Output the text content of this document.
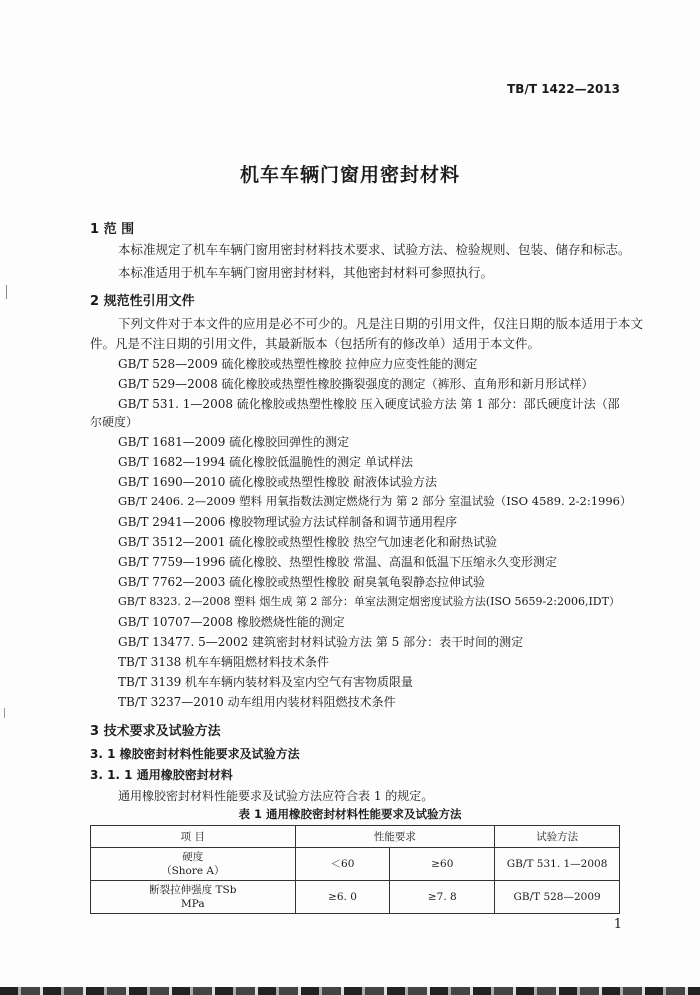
TB/T 1422—2013
机车车辆门窗用密封材料
1 范 围
本标准规定了机车车辆门窗用密封材料技术要求、试验方法、检验规则、包装、储存和标志。
本标准适用于机车车辆门窗用密封材料，其他密封材料可参照执行。
2 规范性引用文件
下列文件对于本文件的应用是必不可少的。凡是注日期的引用文件，仅注日期的版本适用于本文
件。凡是不注日期的引用文件，其最新版本（包括所有的修改单）适用于本文件。
GB/T 528—2009 硫化橡胶或热塑性橡胶 拉伸应力应变性能的测定
GB/T 529—2008 硫化橡胶或热塑性橡胶撕裂强度的测定（裤形、直角形和新月形试样）
GB/T 531. 1—2008 硫化橡胶或热塑性橡胶 压入硬度试验方法 第 1 部分：邵氏硬度计法（邵
尔硬度）
GB/T 1681—2009 硫化橡胶回弹性的测定
GB/T 1682—1994 硫化橡胶低温脆性的测定 单试样法
GB/T 1690—2010 硫化橡胶或热塑性橡胶 耐液体试验方法
GB/T 2406. 2—2009 塑料 用氧指数法测定燃烧行为 第 2 部分 室温试验（ISO 4589. 2-2:1996）
GB/T 2941—2006 橡胶物理试验方法试样制备和调节通用程序
GB/T 3512—2001 硫化橡胶或热塑性橡胶 热空气加速老化和耐热试验
GB/T 7759—1996 硫化橡胶、热塑性橡胶 常温、高温和低温下压缩永久变形测定
GB/T 7762—2003 硫化橡胶或热塑性橡胶 耐臭氧龟裂静态拉伸试验
GB/T 8323. 2—2008 塑料 烟生成 第 2 部分：单室法测定烟密度试验方法(ISO 5659-2:2006,IDT）
GB/T 10707—2008 橡胶燃烧性能的测定
GB/T 13477. 5—2002 建筑密封材料试验方法 第 5 部分：表干时间的测定
TB/T 3138 机车车辆阻燃材料技术条件
TB/T 3139 机车车辆内装材料及室内空气有害物质限量
TB/T 3237—2010 动车组用内装材料阻燃技术条件
3 技术要求及试验方法
3. 1 橡胶密封材料性能要求及试验方法
3. 1. 1 通用橡胶密封材料
通用橡胶密封材料性能要求及试验方法应符合表 1 的规定。
表 1 通用橡胶密封材料性能要求及试验方法
项 目	性能要求		试验方法

硬度
（Shore A）	＜60	≥60	GB/T 531. 1—2008

断裂拉伸强度 TSb
MPa	≥6. 0	≥7. 8	GB/T 528—2009
1
